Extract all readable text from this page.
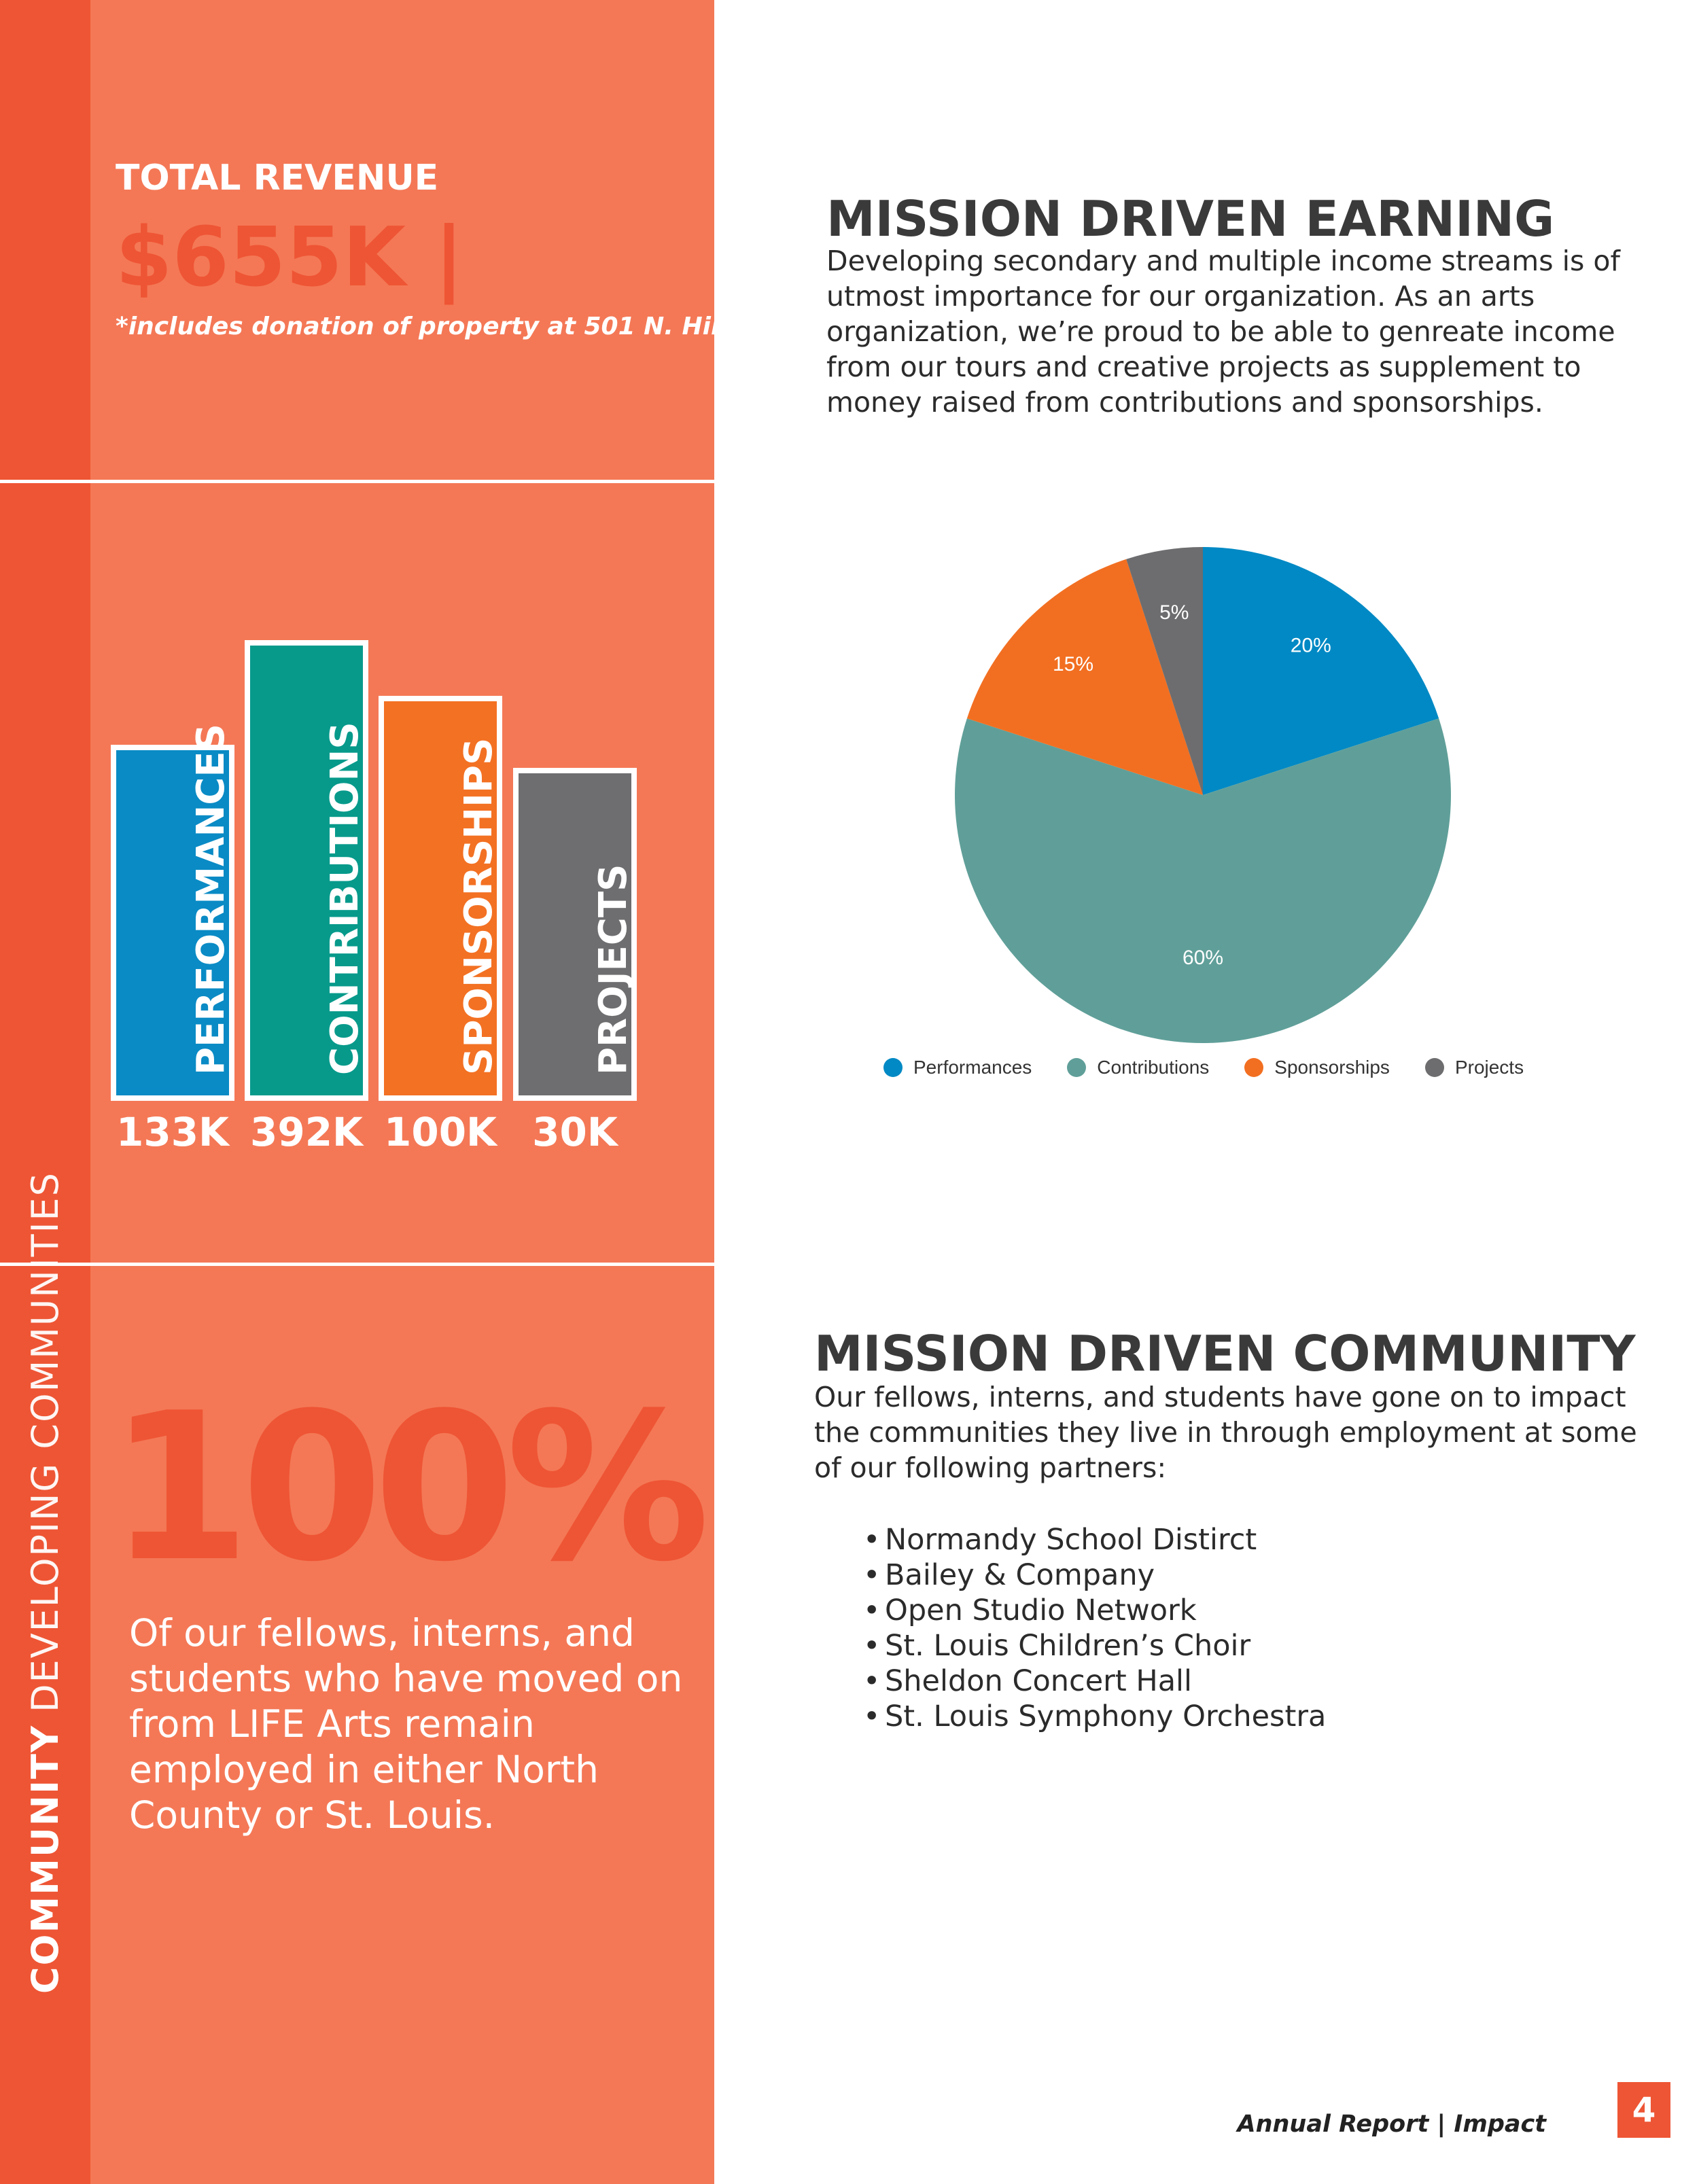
COMMUNITY
DEVELOPING COMMUNITIES
TOTAL REVENUE
$655K |
*includes donation of property at 501 N. Hills Dr.
PERFORMANCES CONTRIBUTIONS SPONSORSHIPS PROJECTS
133K 392K 100K 30K
100%
Of our fellows, interns, and students who have moved on from LIFE Arts remain employed in either North County or St. Louis.
MISSION DRIVEN EARNING
Developing secondary and multiple income streams is of utmost importance for our organization. As an arts organization, we’re proud to be able to genreate income from our tours and creative projects as supplement to money raised from contributions and sponsorships.
20%
60%
15%
5%
Performances	Contributions	Sponsorships	Projects
MISSION DRIVEN COMMUNITY
Our fellows, interns, and students have gone on to impact the communities they live in through employment at some of our following partners:
• Normandy School Distirct
• Bailey & Company
• Open Studio Network
• St. Louis Children’s Choir
• Sheldon Concert Hall
• St. Louis Symphony Orchestra
Annual Report | Impact	4
